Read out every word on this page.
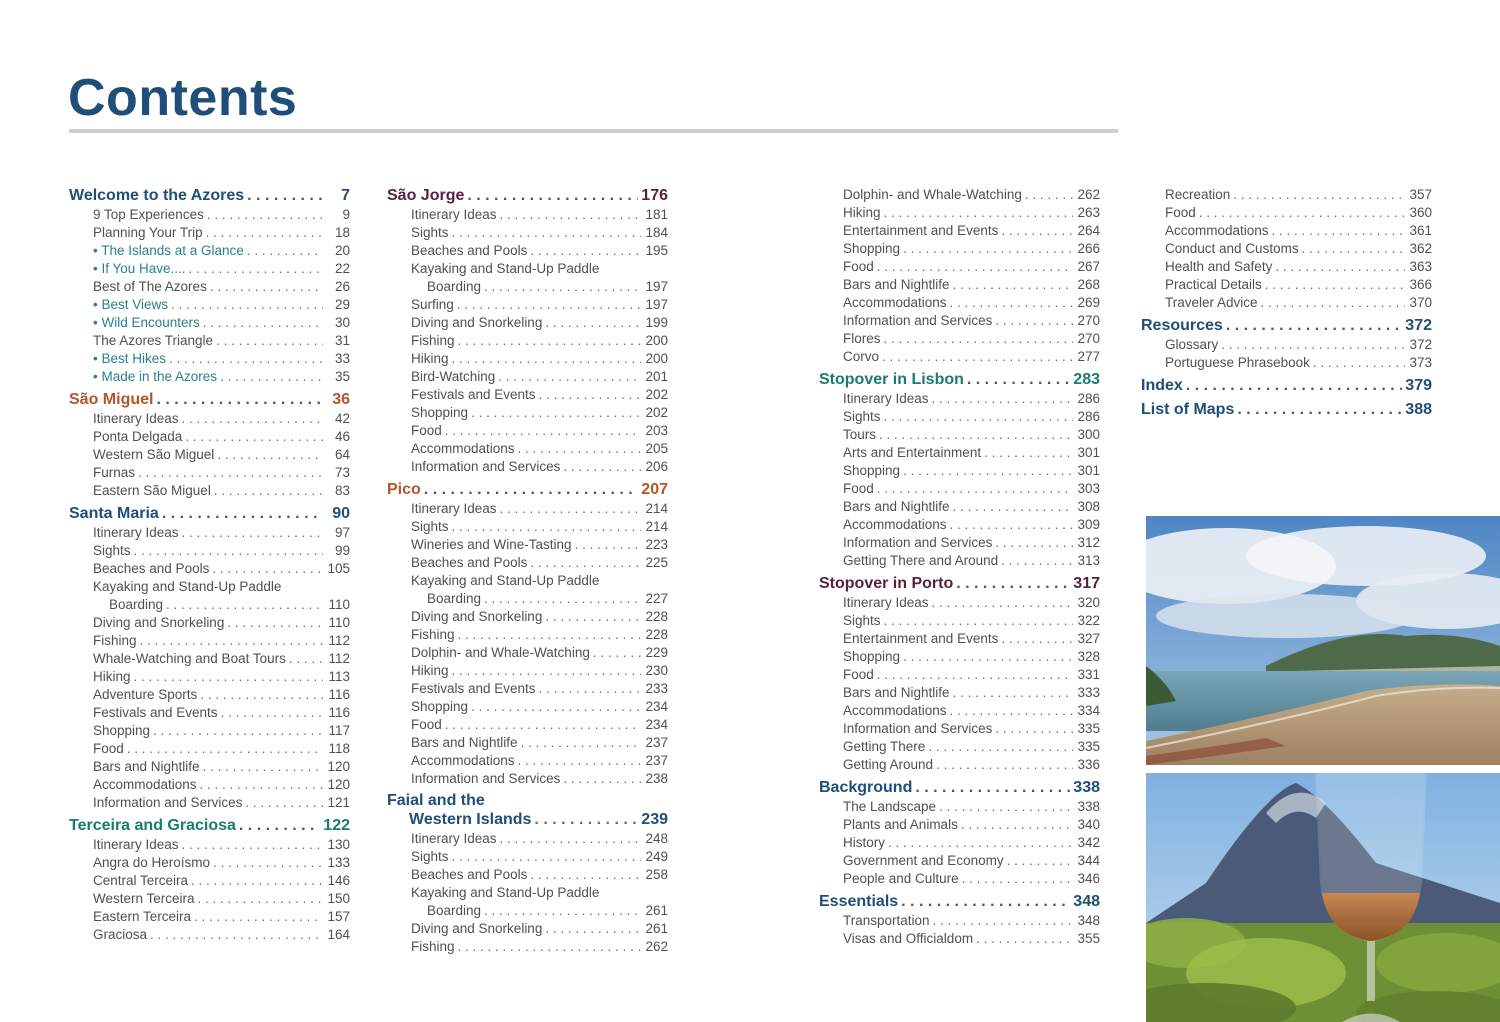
Contents
Welcome to the Azores . . .	7
9 Top Experiences . . .	9
Planning Your Trip . . .	18
• The Islands at a Glance . . .	20
• If You Have.... . . .	22
Best of The Azores . . .	26
• Best Views . . .	29
• Wild Encounters . . .	30
The Azores Triangle . . .	31
• Best Hikes . . .	33
• Made in the Azores . . .	35
São Miguel . . .	36
Itinerary Ideas . . .	42
Ponta Delgada . . .	46
Western São Miguel . . .	64
Furnas . . .	73
Eastern São Miguel . . .	83
Santa Maria . . .	90
Itinerary Ideas . . .	97
Sights . . .	99
Beaches and Pools . . .	105
Kayaking and Stand-Up Paddle
Boarding . . .	110
Diving and Snorkeling . . .	110
Fishing . . .	112
Whale-Watching and Boat Tours . . .	112
Hiking . . .	113
Adventure Sports . . .	116
Festivals and Events . . .	116
Shopping . . .	117
Food . . .	118
Bars and Nightlife . . .	120
Accommodations . . .	120
Information and Services . . .	121
Terceira and Graciosa . . .	122
Itinerary Ideas . . .	130
Angra do Heroísmo . . .	133
Central Terceira . . .	146
Western Terceira . . .	150
Eastern Terceira . . .	157
Graciosa . . .	164
São Jorge . . .	176
Itinerary Ideas . . .	181
Sights . . .	184
Beaches and Pools . . .	195
Kayaking and Stand-Up Paddle
Boarding . . .	197
Surfing . . .	197
Diving and Snorkeling . . .	199
Fishing . . .	200
Hiking . . .	200
Bird-Watching . . .	201
Festivals and Events . . .	202
Shopping . . .	202
Food . . .	203
Accommodations . . .	205
Information and Services . . .	206
Pico . . .	207
Itinerary Ideas . . .	214
Sights . . .	214
Wineries and Wine-Tasting . . .	223
Beaches and Pools . . .	225
Kayaking and Stand-Up Paddle
Boarding . . .	227
Diving and Snorkeling . . .	228
Fishing . . .	228
Dolphin- and Whale-Watching . . .	229
Hiking . . .	230
Festivals and Events . . .	233
Shopping . . .	234
Food . . .	234
Bars and Nightlife . . .	237
Accommodations . . .	237
Information and Services . . .	238
Faial and the
Western Islands . . .	239
Itinerary Ideas . . .	248
Sights . . .	249
Beaches and Pools . . .	258
Kayaking and Stand-Up Paddle
Boarding . . .	261
Diving and Snorkeling . . .	261
Fishing . . .	262
Dolphin- and Whale-Watching . . .	262
Hiking . . .	263
Entertainment and Events . . .	264
Shopping . . .	266
Food . . .	267
Bars and Nightlife . . .	268
Accommodations . . .	269
Information and Services . . .	270
Flores . . .	270
Corvo . . .	277
Stopover in Lisbon . . .	283
Itinerary Ideas . . .	286
Sights . . .	286
Tours . . .	300
Arts and Entertainment . . .	301
Shopping . . .	301
Food . . .	303
Bars and Nightlife . . .	308
Accommodations . . .	309
Information and Services . . .	312
Getting There and Around . . .	313
Stopover in Porto . . .	317
Itinerary Ideas . . .	320
Sights . . .	322
Entertainment and Events . . .	327
Shopping . . .	328
Food . . .	331
Bars and Nightlife . . .	333
Accommodations . . .	334
Information and Services . . .	335
Getting There . . .	335
Getting Around . . .	336
Background . . .	338
The Landscape . . .	338
Plants and Animals . . .	340
History . . .	342
Government and Economy . . .	344
People and Culture . . .	346
Essentials . . .	348
Transportation . . .	348
Visas and Officialdom . . .	355
Recreation . . .	357
Food . . .	360
Accommodations . . .	361
Conduct and Customs . . .	362
Health and Safety . . .	363
Practical Details . . .	366
Traveler Advice . . .	370
Resources . . .	372
Glossary . . .	372
Portuguese Phrasebook . . .	373
Index . . .	379
List of Maps . . .	388
